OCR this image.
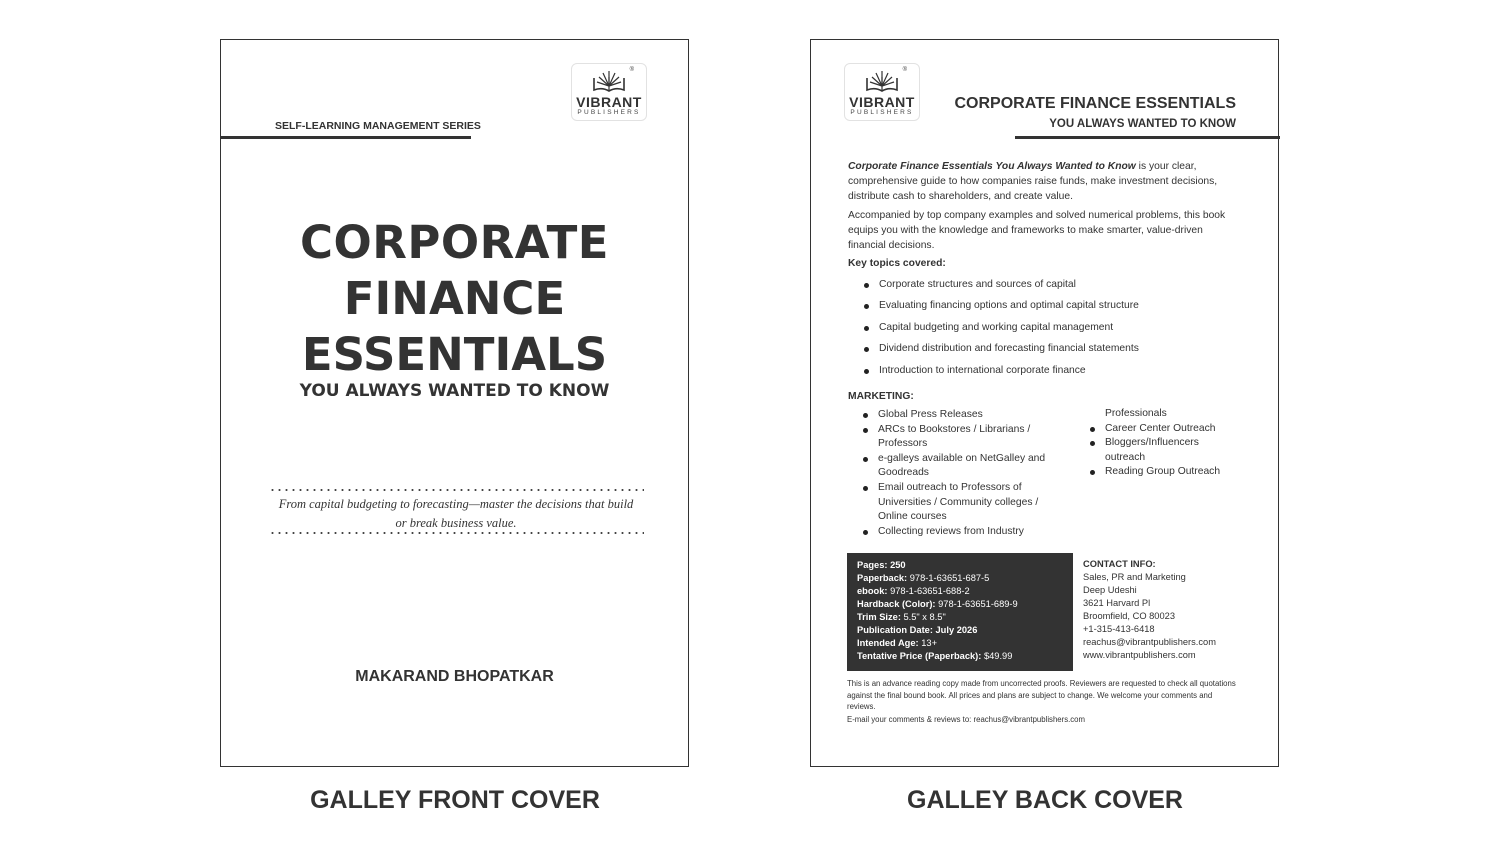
®
VIBRANT
PUBLISHERS
SELF-LEARNING MANAGEMENT SERIES
CORPORATE
FINANCE
ESSENTIALS
YOU ALWAYS WANTED TO KNOW
From capital budgeting to forecasting—master the decisions that build or break business value.
MAKARAND BHOPATKAR
GALLEY FRONT COVER
®
VIBRANT
PUBLISHERS
CORPORATE FINANCE ESSENTIALS
YOU ALWAYS WANTED TO KNOW
Corporate Finance Essentials You Always Wanted to Know is your clear, comprehensive guide to how companies raise funds, make investment decisions, distribute cash to shareholders, and create value.
Accompanied by top company examples and solved numerical problems, this book equips you with the knowledge and frameworks to make smarter, value-driven financial decisions.
Key topics covered:
Corporate structures and sources of capital
Evaluating financing options and optimal capital structure
Capital budgeting and working capital management
Dividend distribution and forecasting financial statements
Introduction to international corporate finance
MARKETING:
Global Press Releases
ARCs to Bookstores / Librarians /
Professors
e-galleys available on NetGalley and
Goodreads
Email outreach to Professors of
Universities / Community colleges /
Online courses
Collecting reviews from Industry
Professionals
Career Center Outreach
Bloggers/Influencers
outreach
Reading Group Outreach
Pages: 250
Paperback: 978-1-63651-687-5
ebook: 978-1-63651-688-2
Hardback (Color): 978-1-63651-689-9
Trim Size: 5.5" x 8.5"
Publication Date: July 2026
Intended Age: 13+
Tentative Price (Paperback): $49.99
CONTACT INFO:
Sales, PR and Marketing
Deep Udeshi
3621 Harvard Pl
Broomfield, CO 80023
+1-315-413-6418
reachus@vibrantpublishers.com
www.vibrantpublishers.com
This is an advance reading copy made from uncorrected proofs. Reviewers are requested to check all quotations against the final bound book. All prices and plans are subject to change. We welcome your comments and reviews.
E-mail your comments & reviews to: reachus@vibrantpublishers.com
GALLEY BACK COVER
